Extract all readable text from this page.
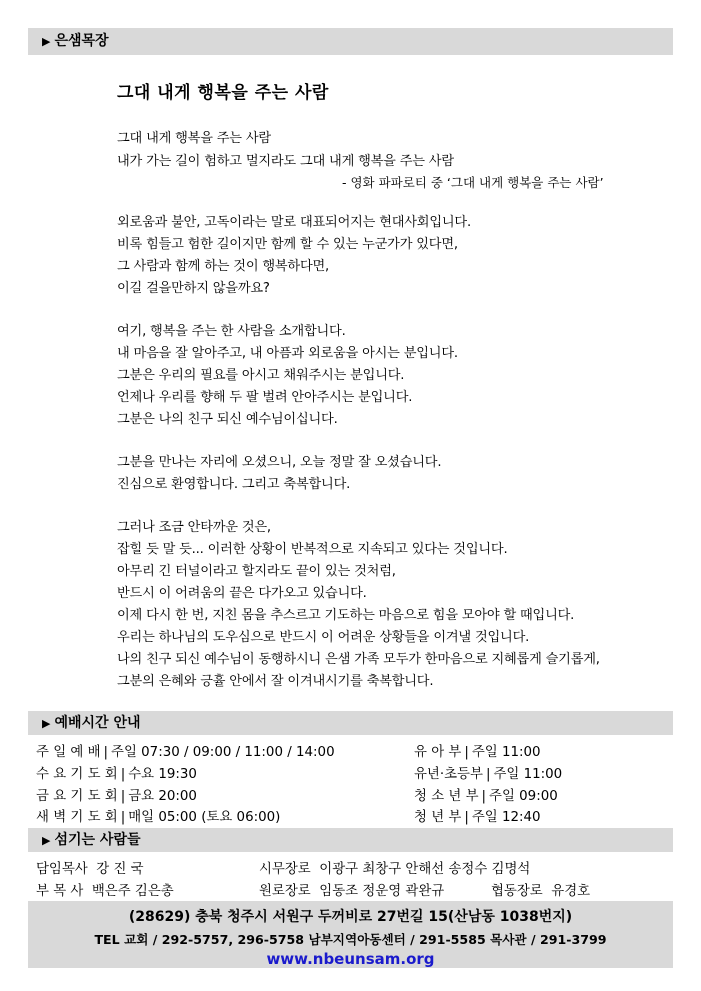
▶ 은샘목장
그대 내게 행복을 주는 사람
그대 내게 행복을 주는 사람
내가 가는 길이 험하고 멀지라도 그대 내게 행복을 주는 사람
- 영화 파파로티 중 ‘그대 내게 행복을 주는 사람’
외로움과 불안, 고독이라는 말로 대표되어지는 현대사회입니다.
비록 힘들고 험한 길이지만 함께 할 수 있는 누군가가 있다면,
그 사람과 함께 하는 것이 행복하다면,
이길 걸을만하지 않을까요?
여기, 행복을 주는 한 사람을 소개합니다.
내 마음을 잘 알아주고, 내 아픔과 외로움을 아시는 분입니다.
그분은 우리의 필요를 아시고 채워주시는 분입니다.
언제나 우리를 향해 두 팔 벌려 안아주시는 분입니다.
그분은 나의 친구 되신 예수님이십니다.
그분을 만나는 자리에 오셨으니, 오늘 정말 잘 오셨습니다.
진심으로 환영합니다. 그리고 축복합니다.
그러나 조금 안타까운 것은,
잡힐 듯 말 듯... 이러한 상황이 반복적으로 지속되고 있다는 것입니다.
아무리 긴 터널이라고 할지라도 끝이 있는 것처럼,
반드시 이 어려움의 끝은 다가오고 있습니다.
이제 다시 한 번, 지친 몸을 추스르고 기도하는 마음으로 힘을 모아야 할 때입니다.
우리는 하나님의 도우심으로 반드시 이 어려운 상황들을 이겨낼 것입니다.
나의 친구 되신 예수님이 동행하시니 은샘 가족 모두가 한마음으로 지혜롭게 슬기롭게,
그분의 은혜와 긍휼 안에서 잘 이겨내시기를 축복합니다.
▶ 예배시간 안내
주 일 예 배 | 주일 07:30 / 09:00 / 11:00 / 14:00
수 요 기 도 회 | 수요 19:30
금 요 기 도 회 | 금요 20:00
새 벽 기 도 회 | 매일 05:00 (토요 06:00)
유 아 부 | 주일 11:00
유년·초등부 | 주일 11:00
청 소 년 부 | 주일 09:00
청 년 부 | 주일 12:40
▶ 섬기는 사람들
담임목사 강 진 국
부 목 사 백은주 김은총
시무장로 이광구 최창구 안해선 송정수 김명석
원로장로 임동조 정운영 곽완규	협동장로 유경호
(28629) 충북 청주시 서원구 두꺼비로 27번길 15(산남동 1038번지)
TEL 교회 / 292-5757, 296-5758 남부지역아동센터 / 291-5585 목사관 / 291-3799
www.nbeunsam.org
